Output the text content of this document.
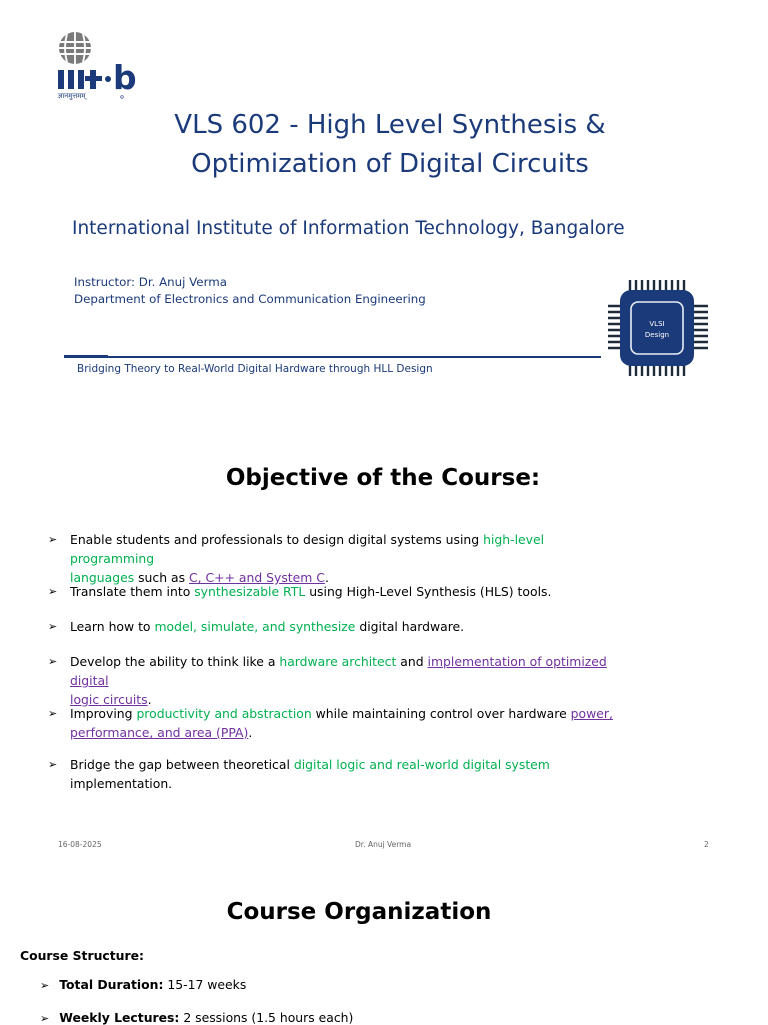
b
ज्ञानमुत्तमम्
VLS 602 - High Level Synthesis &
Optimization of Digital Circuits
International Institute of Information Technology, Bangalore
Instructor: Dr. Anuj Verma
Department of Electronics and Communication Engineering
Bridging Theory to Real-World Digital Hardware through HLL Design
VLSI
Design
Objective of the Course:
➢ Enable students and professionals to design digital systems using high-level programming
languages such as C, C++ and System C.
➢ Translate them into synthesizable RTL using High-Level Synthesis (HLS) tools.
➢ Learn how to model, simulate, and synthesize digital hardware.
➢ Develop the ability to think like a hardware architect and implementation of optimized digital
logic circuits.
➢ Improving productivity and abstraction while maintaining control over hardware power,
performance, and area (PPA).
➢ Bridge the gap between theoretical digital logic and real-world digital system implementation.
16-08-2025	Dr. Anuj Verma	2
Course Organization
Course Structure:
➢ Total Duration: 15-17 weeks
➢ Weekly Lectures: 2 sessions (1.5 hours each)
